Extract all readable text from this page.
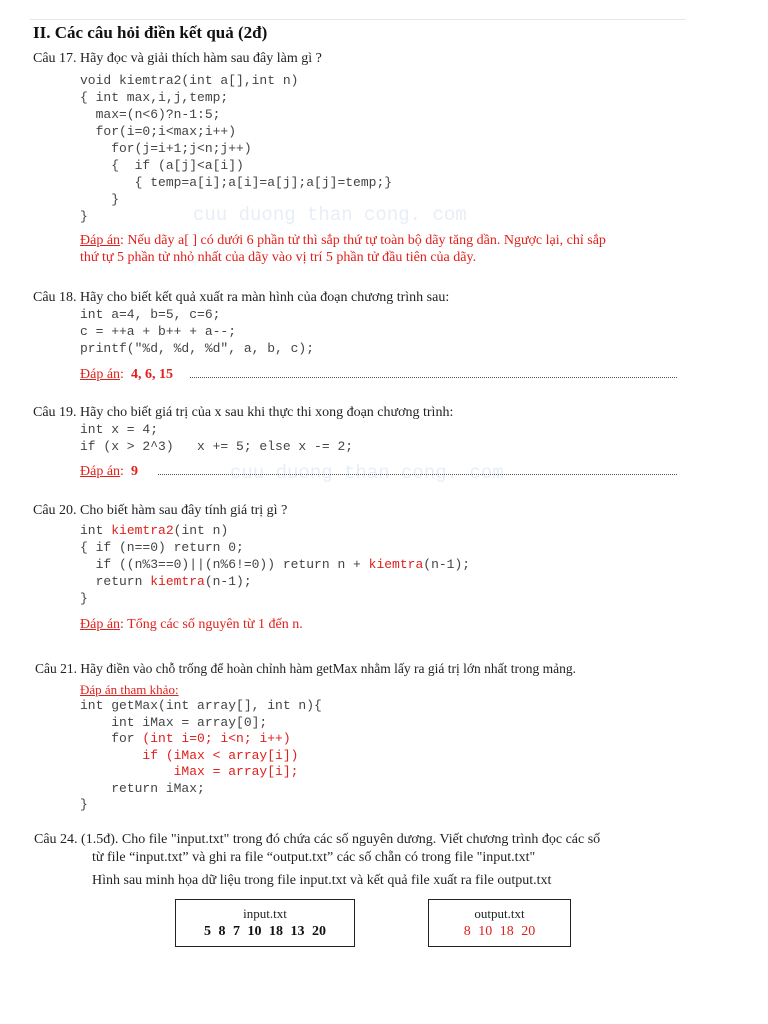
II. Các câu hỏi điền kết quả (2đ)
cuu duong than cong. com
cuu duong than cong. com
Câu 17. Hãy đọc và giải thích hàm sau đây làm gì ?
void kiemtra2(int a[],int n)
{ int max,i,j,temp;
max=(n<6)?n-1:5;
for(i=0;i<max;i++)
for(j=i+1;j<n;j++)
{  if (a[j]<a[i])
{ temp=a[i];a[i]=a[j];a[j]=temp;}
}
}
Đáp án: Nếu dãy a[ ] có dưới 6 phần tử thì sắp thứ tự toàn bộ dãy tăng dần. Ngược lại, chỉ sắp
thứ tự 5 phần tử nhỏ nhất của dãy vào vị trí 5 phần tử đầu tiên của dãy.
Câu 18. Hãy cho biết kết quả xuất ra màn hình của đoạn chương trình sau:
int a=4, b=5, c=6;
c = ++a + b++ + a--;
printf("%d, %d, %d", a, b, c);
Đáp án:  4, 6, 15
Câu 19. Hãy cho biết giá trị của x sau khi thực thi xong đoạn chương trình:
int x = 4;
if (x > 2^3)   x += 5; else x -= 2;
Đáp án:  9
Câu 20. Cho biết hàm sau đây tính giá trị gì ?
int kiemtra2(int n)
{ if (n==0) return 0;
if ((n%3==0)||(n%6!=0)) return n + kiemtra(n-1);
return kiemtra(n-1);
}
Đáp án: Tổng các số nguyên từ 1 đến n.
Câu 21. Hãy điền vào chỗ trống để hoàn chỉnh hàm getMax nhằm lấy ra giá trị lớn nhất trong mảng.
Đáp án tham khảo:
int getMax(int array[], int n){
int iMax = array[0];
for (int i=0; i<n; i++)
if (iMax < array[i])
iMax = array[i];
return iMax;
}
Câu 24. (1.5đ). Cho file "input.txt" trong đó chứa các số nguyên dương. Viết chương trình đọc các số
từ file “input.txt” và ghi ra file “output.txt” các số chẵn có trong file "input.txt"
Hình sau minh họa dữ liệu trong file input.txt và kết quả file xuất ra file output.txt
input.txt
5 8 7 10 18 13 20
output.txt
8 10 18 20
